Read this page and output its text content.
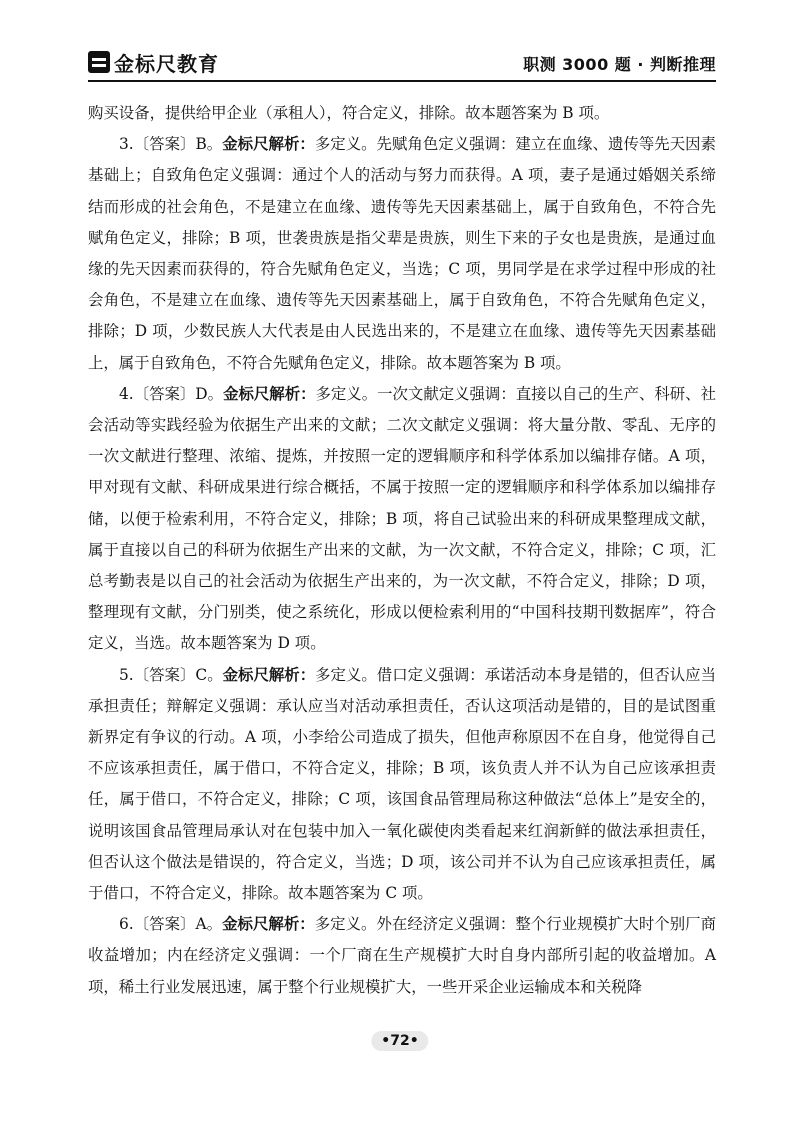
金标尺教育	职测 3000 题 · 判断推理

购买设备，提供给甲企业（承租人），符合定义，排除。故本题答案为 B 项。

3.〔答案〕B。金标尺解析：多定义。先赋角色定义强调：建立在血缘、遗传等先天因素基础上；自致角色定义强调：通过个人的活动与努力而获得。A 项，妻子是通过婚姻关系缔结而形成的社会角色，不是建立在血缘、遗传等先天因素基础上，属于自致角色，不符合先赋角色定义，排除；B 项，世袭贵族是指父辈是贵族，则生下来的子女也是贵族，是通过血缘的先天因素而获得的，符合先赋角色定义，当选；C 项，男同学是在求学过程中形成的社会角色，不是建立在血缘、遗传等先天因素基础上，属于自致角色，不符合先赋角色定义，排除；D 项，少数民族人大代表是由人民选出来的，不是建立在血缘、遗传等先天因素基础上，属于自致角色，不符合先赋角色定义，排除。故本题答案为 B 项。

4.〔答案〕D。金标尺解析：多定义。一次文献定义强调：直接以自己的生产、科研、社会活动等实践经验为依据生产出来的文献；二次文献定义强调：将大量分散、零乱、无序的一次文献进行整理、浓缩、提炼，并按照一定的逻辑顺序和科学体系加以编排存储。A 项，甲对现有文献、科研成果进行综合概括，不属于按照一定的逻辑顺序和科学体系加以编排存储，以便于检索利用，不符合定义，排除；B 项，将自己试验出来的科研成果整理成文献，属于直接以自己的科研为依据生产出来的文献，为一次文献，不符合定义，排除；C 项，汇总考勤表是以自己的社会活动为依据生产出来的，为一次文献，不符合定义，排除；D 项，整理现有文献，分门别类，使之系统化，形成以便检索利用的“中国科技期刊数据库”，符合定义，当选。故本题答案为 D 项。

5.〔答案〕C。金标尺解析：多定义。借口定义强调：承诺活动本身是错的，但否认应当承担责任；辩解定义强调：承认应当对活动承担责任，否认这项活动是错的，目的是试图重新界定有争议的行动。A 项，小李给公司造成了损失，但他声称原因不在自身，他觉得自己不应该承担责任，属于借口，不符合定义，排除；B 项，该负责人并不认为自己应该承担责任，属于借口，不符合定义，排除；C 项，该国食品管理局称这种做法“总体上”是安全的，说明该国食品管理局承认对在包装中加入一氧化碳使肉类看起来红润新鲜的做法承担责任，但否认这个做法是错误的，符合定义，当选；D 项，该公司并不认为自己应该承担责任，属于借口，不符合定义，排除。故本题答案为 C 项。

6.〔答案〕A。金标尺解析：多定义。外在经济定义强调：整个行业规模扩大时个别厂商收益增加；内在经济定义强调：一个厂商在生产规模扩大时自身内部所引起的收益增加。A 项，稀土行业发展迅速，属于整个行业规模扩大，一些开采企业运输成本和关税降

•72•
